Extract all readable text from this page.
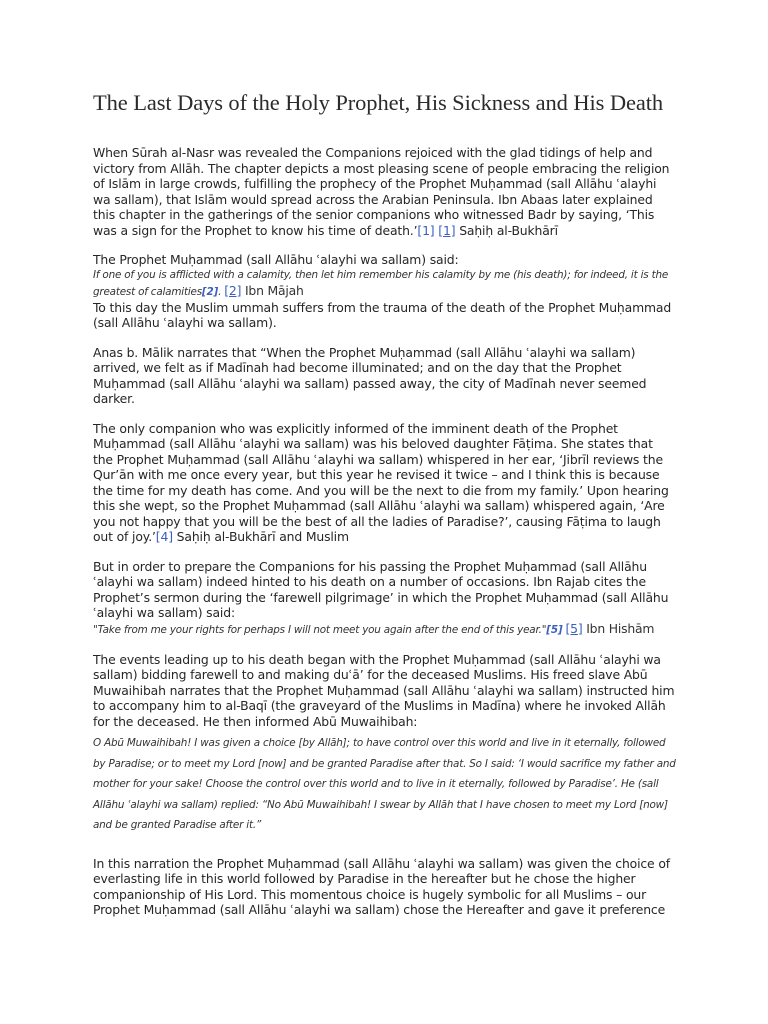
The Last Days of the Holy Prophet, His Sickness and His Death

When Sūrah al-Nasr was revealed the Companions rejoiced with the glad tidings of help and victory from Allāh. The chapter depicts a most pleasing scene of people embracing the religion of Islām in large crowds, fulfilling the prophecy of the Prophet Muḥammad (sall Allāhu ʿalayhi wa sallam), that Islām would spread across the Arabian Peninsula. Ibn Abaas later explained this chapter in the gatherings of the senior companions who witnessed Badr by saying, ‘This was a sign for the Prophet to know his time of death.’[1] [1] Saḥiḥ al-Bukhārī

The Prophet Muḥammad (sall Allāhu ʿalayhi wa sallam) said:

If one of you is afflicted with a calamity, then let him remember his calamity by me (his death); for indeed, it is the greatest of calamities[2]. [2] Ibn Mājah

To this day the Muslim ummah suffers from the trauma of the death of the Prophet Muḥammad (sall Allāhu ʿalayhi wa sallam).

Anas b. Mālik narrates that “When the Prophet Muḥammad (sall Allāhu ʿalayhi wa sallam) arrived, we felt as if Madīnah had become illuminated; and on the day that the Prophet Muḥammad (sall Allāhu ʿalayhi wa sallam) passed away, the city of Madīnah never seemed darker.

The only companion who was explicitly informed of the imminent death of the Prophet Muḥammad (sall Allāhu ʿalayhi wa sallam) was his beloved daughter Fāṭima. She states that the Prophet Muḥammad (sall Allāhu ʿalayhi wa sallam) whispered in her ear, ‘Jibrīl reviews the Qur’ān with me once every year, but this year he revised it twice – and I think this is because the time for my death has come. And you will be the next to die from my family.’ Upon hearing this she wept, so the Prophet Muḥammad (sall Allāhu ʿalayhi wa sallam) whispered again, ‘Are you not happy that you will be the best of all the ladies of Paradise?’, causing Fāṭima to laugh out of joy.’[4] Saḥiḥ al-Bukhārī and Muslim

But in order to prepare the Companions for his passing the Prophet Muḥammad (sall Allāhu ʿalayhi wa sallam) indeed hinted to his death on a number of occasions. Ibn Rajab cites the Prophet’s sermon during the ‘farewell pilgrimage’ in which the Prophet Muḥammad (sall Allāhu ʿalayhi wa sallam) said:

"Take from me your rights for perhaps I will not meet you again after the end of this year."[5] [5] Ibn Hishām

The events leading up to his death began with the Prophet Muḥammad (sall Allāhu ʿalayhi wa sallam) bidding farewell to and making duʿā’ for the deceased Muslims. His freed slave Abū Muwaihibah narrates that the Prophet Muḥammad (sall Allāhu ʿalayhi wa sallam) instructed him to accompany him to al-Baqī (the graveyard of the Muslims in Madīna) where he invoked Allāh for the deceased. He then informed Abū Muwaihibah:

O Abū Muwaihibah! I was given a choice [by Allāh]; to have control over this world and live in it eternally, followed by Paradise; or to meet my Lord [now] and be granted Paradise after that. So I said: ‘I would sacrifice my father and mother for your sake! Choose the control over this world and to live in it eternally, followed by Paradise’. He (sall Allāhu ʿalayhi wa sallam) replied: “No Abū Muwaihibah! I swear by Allāh that I have chosen to meet my Lord [now] and be granted Paradise after it.”

In this narration the Prophet Muḥammad (sall Allāhu ʿalayhi wa sallam) was given the choice of everlasting life in this world followed by Paradise in the hereafter but he chose the higher companionship of His Lord. This momentous choice is hugely symbolic for all Muslims – our Prophet Muḥammad (sall Allāhu ʿalayhi wa sallam) chose the Hereafter and gave it preference
